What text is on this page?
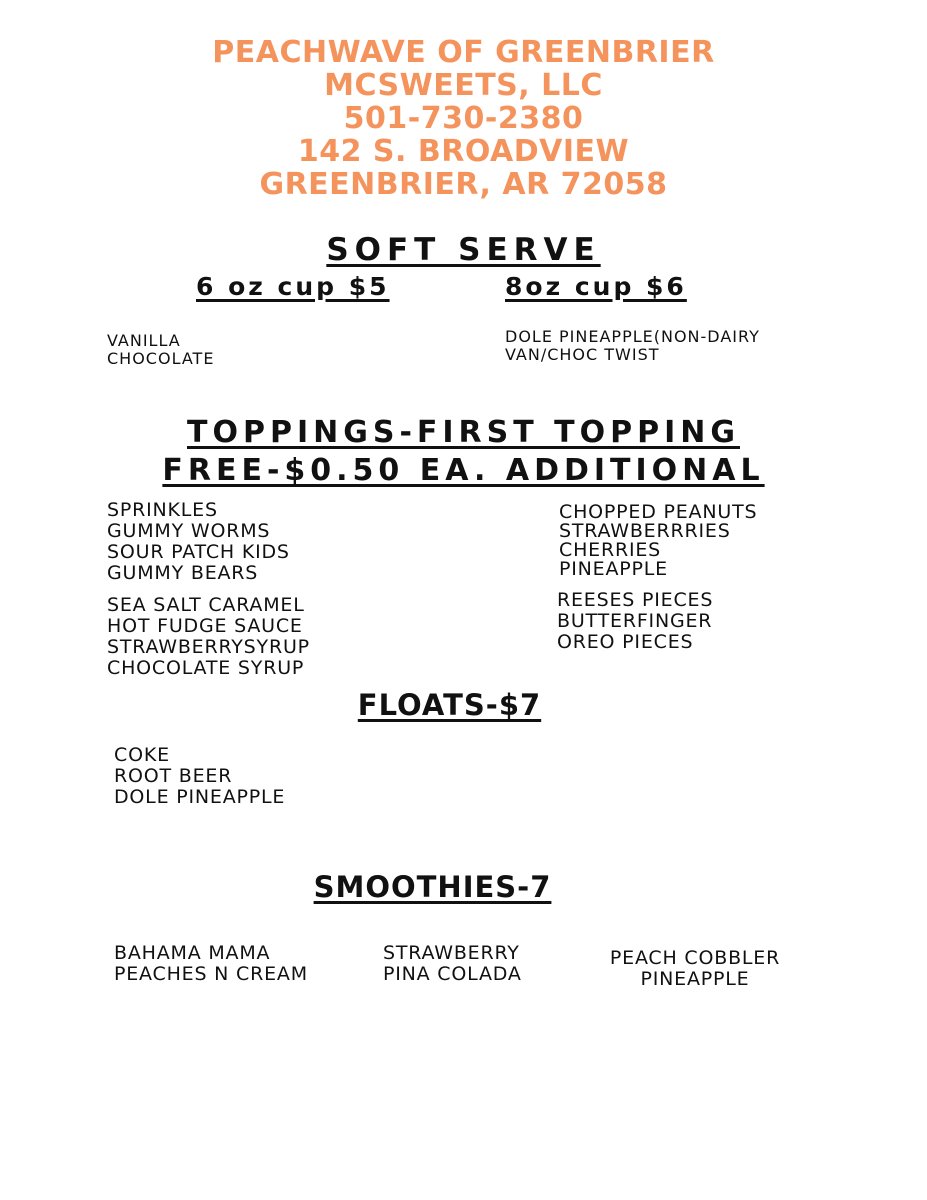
PEACHWAVE OF GREENBRIER
MCSWEETS, LLC
501-730-2380
142 S. BROADVIEW
GREENBRIER, AR 72058
SOFT SERVE
6 oz cup $5	8oz cup $6
VANILLA
CHOCOLATE
DOLE PINEAPPLE(NON-DAIRY
VAN/CHOC TWIST
TOPPINGS-FIRST TOPPING
FREE-$0.50 EA. ADDITIONAL
SPRINKLES
GUMMY WORMS
SOUR PATCH KIDS
GUMMY BEARS
SEA SALT CARAMEL
HOT FUDGE SAUCE
STRAWBERRYSYRUP
CHOCOLATE SYRUP
CHOPPED PEANUTS
STRAWBERRRIES
CHERRIES
PINEAPPLE
REESES PIECES
BUTTERFINGER
OREO PIECES
FLOATS-$7
COKE
ROOT BEER
DOLE PINEAPPLE
SMOOTHIES-7
BAHAMA MAMA
PEACHES N CREAM
STRAWBERRY
PINA COLADA
PEACH COBBLER
PINEAPPLE
